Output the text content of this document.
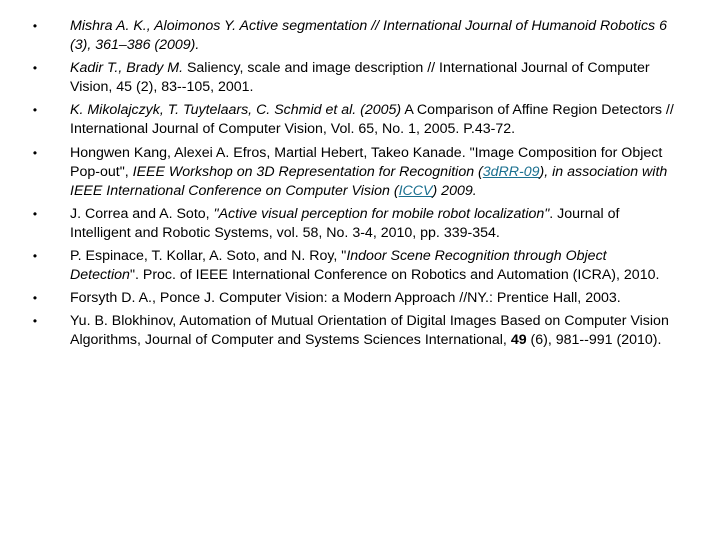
•	Mishra A. K., Aloimonos Y. Active segmentation // International Journal of Humanoid Robotics 6 (3), 361–386 (2009).
•	Kadir T., Brady M. Saliency, scale and image description // International Journal of Computer Vision, 45 (2), 83--105, 2001.
•	K. Mikolajczyk, T. Tuytelaars, C. Schmid et al. (2005) A Comparison of Affine Region Detectors // International Journal of Computer Vision, Vol. 65, No. 1, 2005. P.43-72.
•	Hongwen Kang, Alexei A. Efros, Martial Hebert, Takeo Kanade. "Image Composition for Object Pop-out", IEEE Workshop on 3D Representation for Recognition (3dRR-09), in association with IEEE International Conference on Computer Vision (ICCV) 2009.
•	J. Correa and A. Soto, "Active visual perception for mobile robot localization". Journal of Intelligent and Robotic Systems, vol. 58, No. 3-4, 2010, pp. 339-354.
•	P. Espinace, T. Kollar, A. Soto, and N. Roy, "Indoor Scene Recognition through Object Detection". Proc. of IEEE International Conference on Robotics and Automation (ICRA), 2010.
•	Forsyth D. A., Ponce J. Computer Vision: a Modern Approach //NY.: Prentice Hall, 2003.
•	Yu. B. Blokhinov, Automation of Mutual Orientation of Digital Images Based on Computer Vision Algorithms, Journal of Computer and Systems Sciences International, 49 (6), 981--991 (2010).
